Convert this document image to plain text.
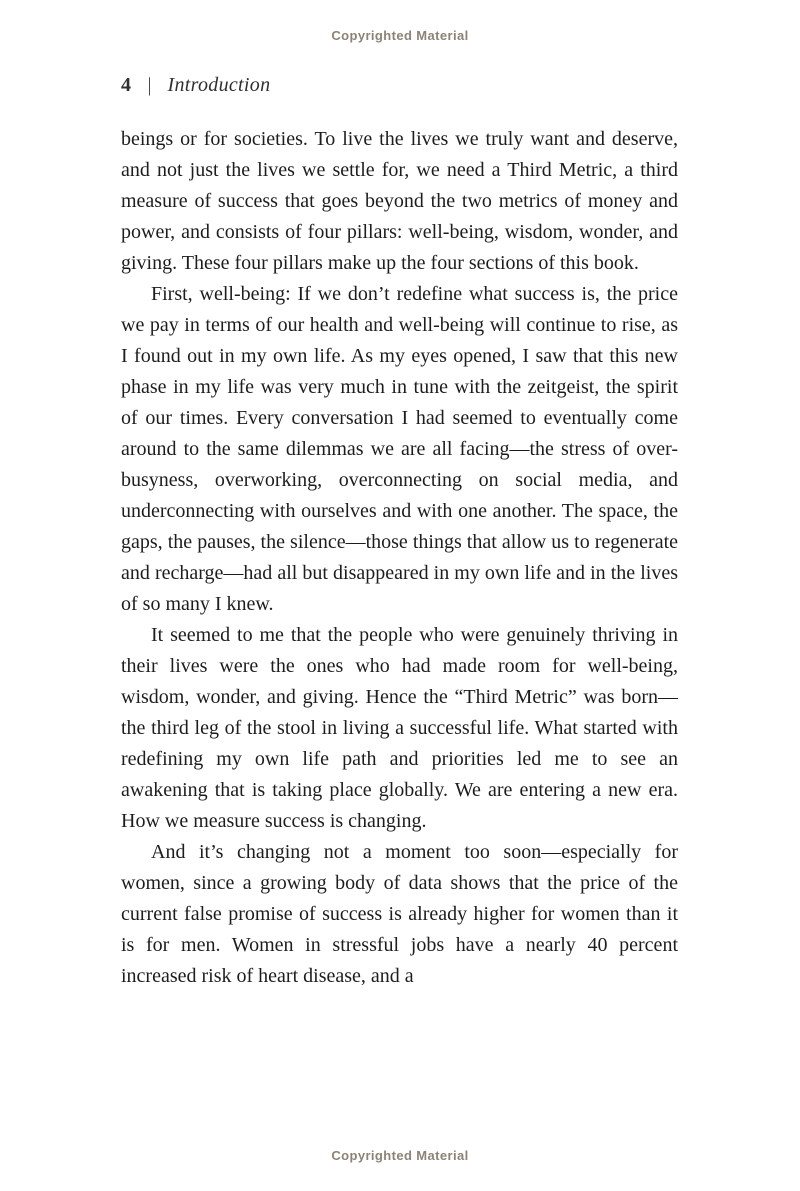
Copyrighted Material
4 | Introduction

beings or for societies. To live the lives we truly want and deserve, and not just the lives we settle for, we need a Third Metric, a third measure of success that goes beyond the two metrics of money and power, and consists of four pillars: well-being, wisdom, wonder, and giving. These four pillars make up the four sections of this book.

First, well-being: If we don’t redefine what success is, the price we pay in terms of our health and well-being will continue to rise, as I found out in my own life. As my eyes opened, I saw that this new phase in my life was very much in tune with the zeitgeist, the spirit of our times. Every conversation I had seemed to eventually come around to the same dilemmas we are all facing—the stress of over-busyness, overworking, overconnecting on social media, and underconnecting with ourselves and with one another. The space, the gaps, the pauses, the silence—those things that allow us to regenerate and recharge—had all but disappeared in my own life and in the lives of so many I knew.

It seemed to me that the people who were genuinely thriving in their lives were the ones who had made room for well-being, wisdom, wonder, and giving. Hence the “Third Metric” was born—the third leg of the stool in living a successful life. What started with redefining my own life path and priorities led me to see an awakening that is taking place globally. We are entering a new era. How we measure success is changing.

And it’s changing not a moment too soon—especially for women, since a growing body of data shows that the price of the current false promise of success is already higher for women than it is for men. Women in stressful jobs have a nearly 40 percent increased risk of heart disease, and a

Copyrighted Material
